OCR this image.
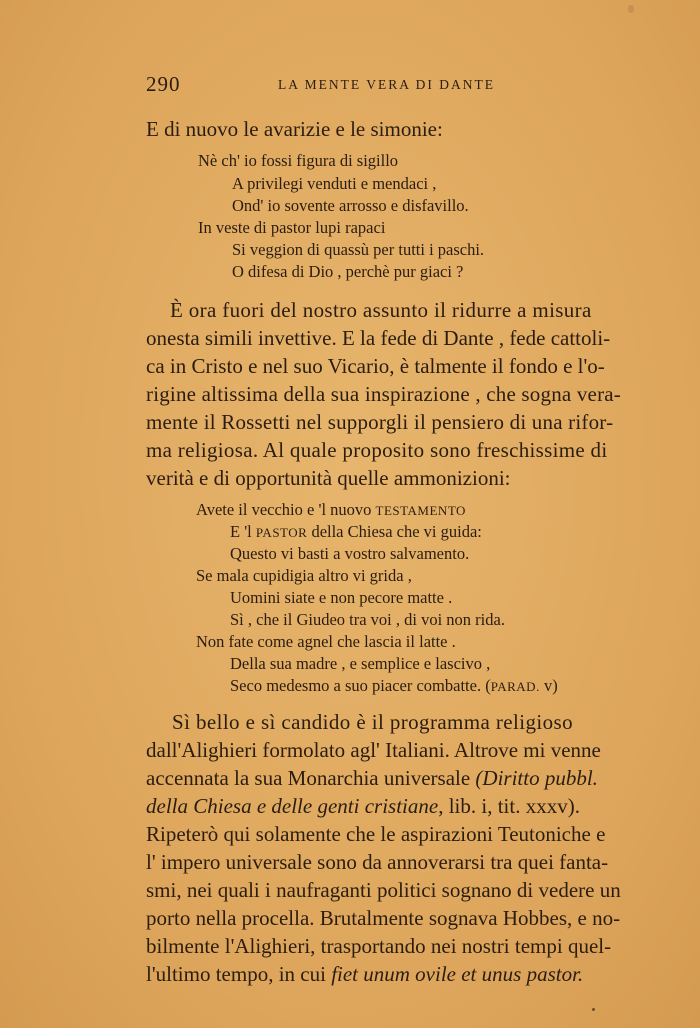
290	LA MENTE VERA DI DANTE
E di nuovo le avarizie e le simonie:
Nè ch' io fossi figura di sigillo
A privilegi venduti e mendaci ,
Ond' io sovente arrosso e disfavillo.
In veste di pastor lupi rapaci
Si veggion di quassù per tutti i paschi.
O difesa di Dio , perchè pur giaci ?
È ora fuori del nostro assunto il ridurre a misura
onesta simili invettive. E la fede di Dante , fede cattoli-
ca in Cristo e nel suo Vicario, è talmente il fondo e l'o-
rigine altissima della sua inspirazione , che sogna vera-
mente il Rossetti nel supporgli il pensiero di una rifor-
ma religiosa. Al quale proposito sono freschissime di
verità e di opportunità quelle ammonizioni:
Avete il vecchio e 'l nuovo TESTAMENTO
E 'l PASTOR della Chiesa che vi guida:
Questo vi basti a vostro salvamento.
Se mala cupidigia altro vi grida ,
Uomini siate e non pecore matte .
Sì , che il Giudeo tra voi , di voi non rida.
Non fate come agnel che lascia il latte .
Della sua madre , e semplice e lascivo ,
Seco medesmo a suo piacer combatte. (PARAD. v)
Sì bello e sì candido è il programma religioso
dall'Alighieri formolato agl' Italiani. Altrove mi venne
accennata la sua Monarchia universale (Diritto pubbl.
della Chiesa e delle genti cristiane, lib. i, tit. xxxv).
Ripeterò qui solamente che le aspirazioni Teutoniche e
l' impero universale sono da annoverarsi tra quei fanta-
smi, nei quali i naufraganti politici sognano di vedere un
porto nella procella. Brutalmente sognava Hobbes, e no-
bilmente l'Alighieri, trasportando nei nostri tempi quel-
l'ultimo tempo, in cui fiet unum ovile et unus pastor.
